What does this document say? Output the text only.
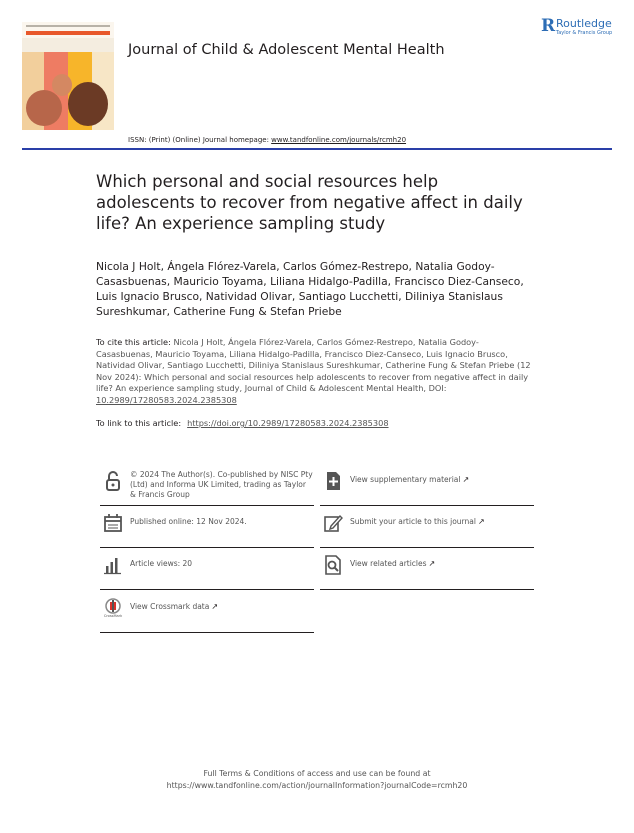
Journal of Child & Adolescent Mental Health
R Routledge
Taylor & Francis Group
ISSN: (Print) (Online) Journal homepage: www.tandfonline.com/journals/rcmh20
Which personal and social resources help adolescents to recover from negative affect in daily life? An experience sampling study
Nicola J Holt, Ángela Flórez-Varela, Carlos Gómez-Restrepo, Natalia Godoy-Casasbuenas, Mauricio Toyama, Liliana Hidalgo-Padilla, Francisco Diez-Canseco, Luis Ignacio Brusco, Natividad Olivar, Santiago Lucchetti, Diliniya Stanislaus Sureshkumar, Catherine Fung & Stefan Priebe
To cite this article: Nicola J Holt, Ángela Flórez-Varela, Carlos Gómez-Restrepo, Natalia Godoy-Casasbuenas, Mauricio Toyama, Liliana Hidalgo-Padilla, Francisco Diez-Canseco, Luis Ignacio Brusco, Natividad Olivar, Santiago Lucchetti, Diliniya Stanislaus Sureshkumar, Catherine Fung & Stefan Priebe (12 Nov 2024): Which personal and social resources help adolescents to recover from negative affect in daily life? An experience sampling study, Journal of Child & Adolescent Mental Health, DOI: 10.2989/17280583.2024.2385308
To link to this article: https://doi.org/10.2989/17280583.2024.2385308
© 2024 The Author(s). Co-published by NISC Pty (Ltd) and Informa UK Limited, trading as Taylor & Francis Group
Published online: 12 Nov 2024.
Article views: 20
CrossMark
View Crossmark data ↗
View supplementary material ↗
Submit your article to this journal ↗
View related articles ↗
Full Terms & Conditions of access and use can be found at
https://www.tandfonline.com/action/journalInformation?journalCode=rcmh20
